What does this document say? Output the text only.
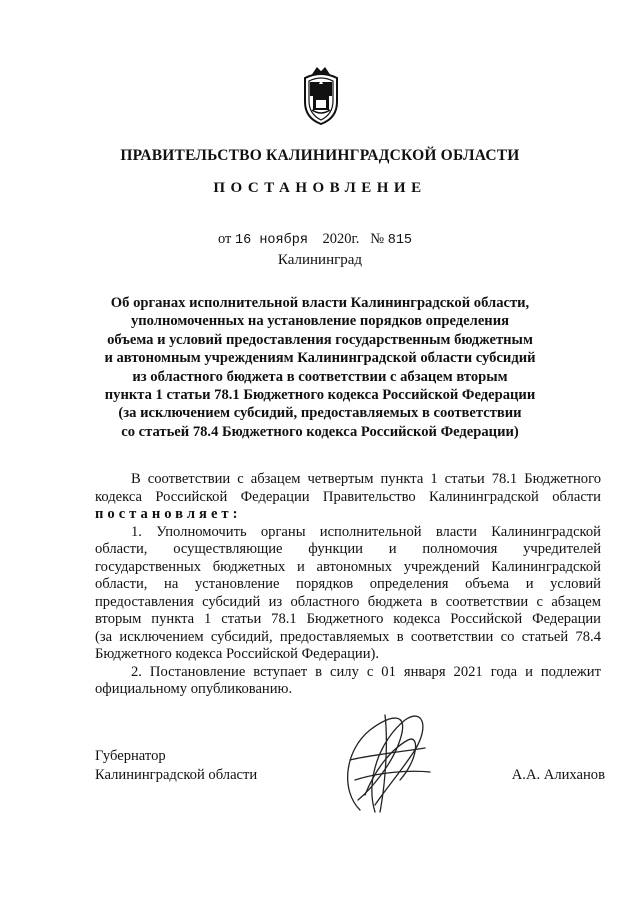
ПРАВИТЕЛЬСТВО КАЛИНИНГРАДСКОЙ ОБЛАСТИ
ПОСТАНОВЛЕНИЕ
от 16 ноября 2020г. № 815
Калининград
Об органах исполнительной власти Калининградской области,
уполномоченных на установление порядков определения
объема и условий предоставления государственным бюджетным
и автономным учреждениям Калининградской области субсидий
из областного бюджета в соответствии с абзацем вторым
пункта 1 статьи 78.1 Бюджетного кодекса Российской Федерации
(за исключением субсидий, предоставляемых в соответствии
со статьей 78.4 Бюджетного кодекса Российской Федерации)
В соответствии с абзацем четвертым пункта 1 статьи 78.1 Бюджетного
кодекса Российской Федерации Правительство Калининградской области
постановляет:
1. Уполномочить органы исполнительной власти Калининградской
области, осуществляющие функции и полномочия учредителей
государственных бюджетных и автономных учреждений Калининградской
области, на установление порядков определения объема и условий
предоставления субсидий из областного бюджета в соответствии с абзацем
вторым пункта 1 статьи 78.1 Бюджетного кодекса Российской Федерации
(за исключением субсидий, предоставляемых в соответствии со статьей 78.4
Бюджетного кодекса Российской Федерации).
2. Постановление вступает в силу с 01 января 2021 года и подлежит
официальному опубликованию.
Губернатор
Калининградской области	А.А. Алиханов
